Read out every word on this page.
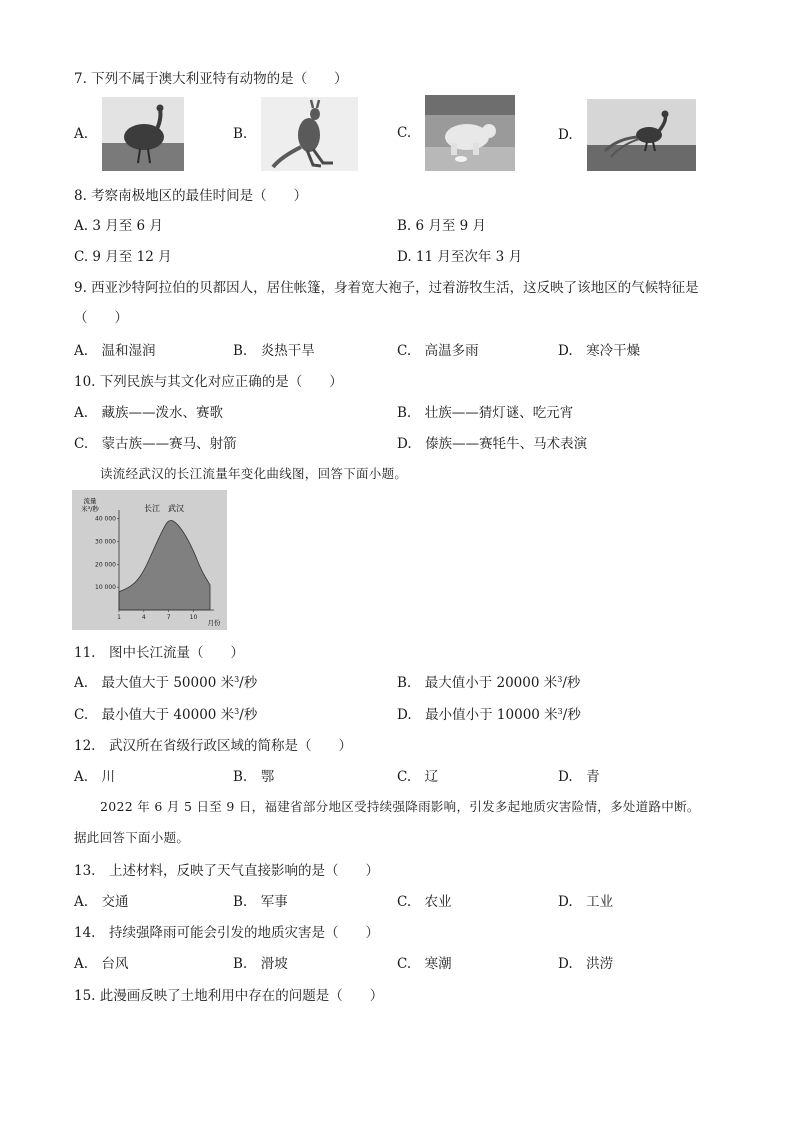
7. 下列不属于澳大利亚特有动物的是（　　）
A.	B.	C.	D.
8. 考察南极地区的最佳时间是（　　）
A. 3 月至 6 月	B. 6 月至 9 月
C. 9 月至 12 月	D. 11 月至次年 3 月
9. 西亚沙特阿拉伯的贝都因人，居住帐篷，身着宽大袍子，过着游牧生活，这反映了该地区的气候特征是
（　　）
A.　温和湿润	B.　炎热干旱	C.　高温多雨	D.　寒冷干燥
10. 下列民族与其文化对应正确的是（　　）
A.　藏族——泼水、赛歌	B.　壮族——猜灯谜、吃元宵
C.　蒙古族——赛马、射箭	D.　傣族——赛牦牛、马术表演
读流经武汉的长江流量年变化曲线图，回答下面小题。
流量
米³/秒	长江　武汉
月份
10 000
20 000
30 000
40 000
1	4	7	10
11.　图中长江流量（　　）
A.　最大值大于 50000 米$^3$/秒	B.　最大值小于 20000 米$^3$/秒
C.　最小值大于 40000 米$^3$/秒	D.　最小值小于 10000 米$^3$/秒
12.　武汉所在省级行政区域的简称是（　　）
A.　川	B.　鄂	C.　辽	D.　青
2022 年 6 月 5 日至 9 日，福建省部分地区受持续强降雨影响，引发多起地质灾害险情，多处道路中断。
据此回答下面小题。
13.　上述材料，反映了天气直接影响的是（　　）
A.　交通	B.　军事	C.　农业	D.　工业
14.　持续强降雨可能会引发的地质灾害是（　　）
A.　台风	B.　滑坡	C.　寒潮	D.　洪涝
15. 此漫画反映了土地利用中存在的问题是（　　）
